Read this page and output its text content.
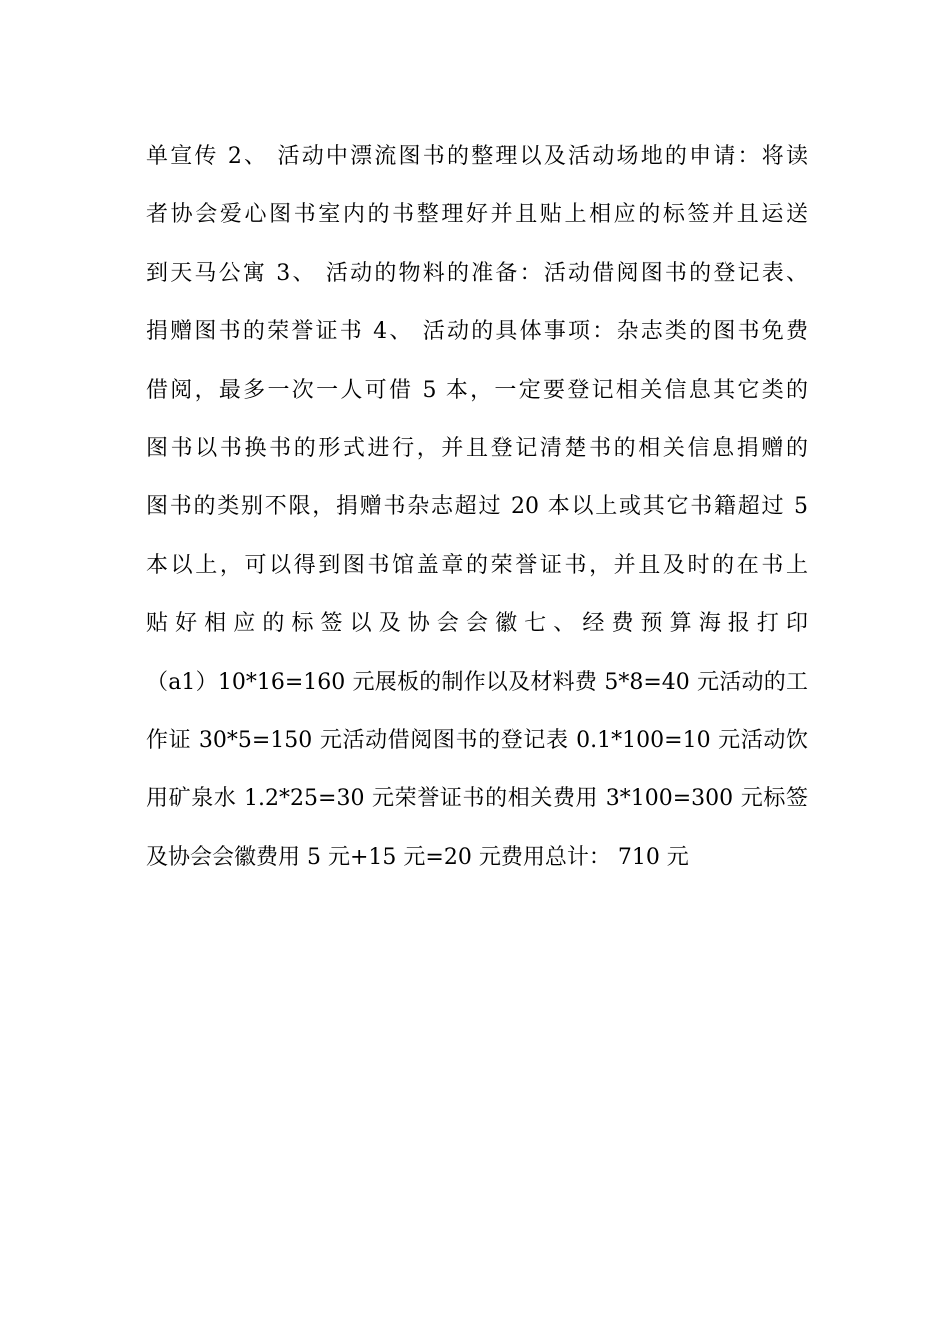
单宣传 2、 活动中漂流图书的整理以及活动场地的申请：将读
者协会爱心图书室内的书整理好并且贴上相应的标签并且运送
到天马公寓 3、 活动的物料的准备：活动借阅图书的登记表、
捐赠图书的荣誉证书 4、 活动的具体事项：杂志类的图书免费
借阅，最多一次一人可借 5 本，一定要登记相关信息其它类的
图书以书换书的形式进行，并且登记清楚书的相关信息捐赠的
图书的类别不限，捐赠书杂志超过 20 本以上或其它书籍超过 5
本以上，可以得到图书馆盖章的荣誉证书，并且及时的在书上
贴好相应的标签以及协会会徽七、经费预算海报打印
（a1）10*16=160 元展板的制作以及材料费 5*8=40 元活动的工
作证 30*5=150 元活动借阅图书的登记表 0.1*100=10 元活动饮
用矿泉水 1.2*25=30 元荣誉证书的相关费用 3*100=300 元标签
及协会会徽费用 5 元+15 元=20 元费用总计： 710 元
